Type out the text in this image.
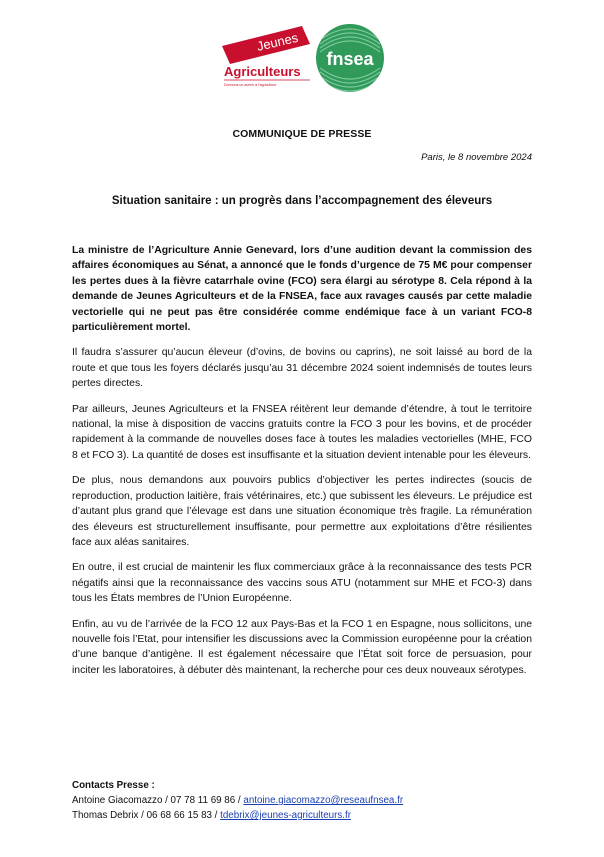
Jeunes
Agriculteurs
Donnons un avenir à l'agriculture
fnsea
COMMUNIQUE DE PRESSE
Paris, le 8 novembre 2024
Situation sanitaire : un progrès dans l’accompagnement des éleveurs

La ministre de l’Agriculture Annie Genevard, lors d’une audition devant la commission des affaires économiques au Sénat, a annoncé que le fonds d’urgence de 75 M€ pour compenser les pertes dues à la fièvre catarrhale ovine (FCO) sera élargi au sérotype 8. Cela répond à la demande de Jeunes Agriculteurs et de la FNSEA, face aux ravages causés par cette maladie vectorielle qui ne peut pas être considérée comme endémique face à un variant FCO-8 particulièrement mortel.

Il faudra s’assurer qu’aucun éleveur (d’ovins, de bovins ou caprins), ne soit laissé au bord de la route et que tous les foyers déclarés jusqu’au 31 décembre 2024 soient indemnisés de toutes leurs pertes directes.

Par ailleurs, Jeunes Agriculteurs et la FNSEA réitèrent leur demande d’étendre, à tout le territoire national, la mise à disposition de vaccins gratuits contre la FCO 3 pour les bovins, et de procéder rapidement à la commande de nouvelles doses face à toutes les maladies vectorielles (MHE, FCO 8 et FCO 3). La quantité de doses est insuffisante et la situation devient intenable pour les éleveurs.

De plus, nous demandons aux pouvoirs publics d’objectiver les pertes indirectes (soucis de reproduction, production laitière, frais vétérinaires, etc.) que subissent les éleveurs. Le préjudice est d’autant plus grand que l’élevage est dans une situation économique très fragile. La rémunération des éleveurs est structurellement insuffisante, pour permettre aux exploitations d’être résilientes face aux aléas sanitaires.

En outre, il est crucial de maintenir les flux commerciaux grâce à la reconnaissance des tests PCR négatifs ainsi que la reconnaissance des vaccins sous ATU (notamment sur MHE et FCO-3) dans tous les États membres de l’Union Européenne.

Enfin, au vu de l’arrivée de la FCO 12 aux Pays-Bas et la FCO 1 en Espagne, nous sollicitons, une nouvelle fois l’Etat, pour intensifier les discussions avec la Commission européenne pour la création d’une banque d’antigène. Il est également nécessaire que l’État soit force de persuasion, pour inciter les laboratoires, à débuter dès maintenant, la recherche pour ces deux nouveaux sérotypes.

Contacts Presse :
Antoine Giacomazzo / 07 78 11 69 86 / antoine.giacomazzo@reseaufnsea.fr
Thomas Debrix / 06 68 66 15 83 / tdebrix@jeunes-agriculteurs.fr
